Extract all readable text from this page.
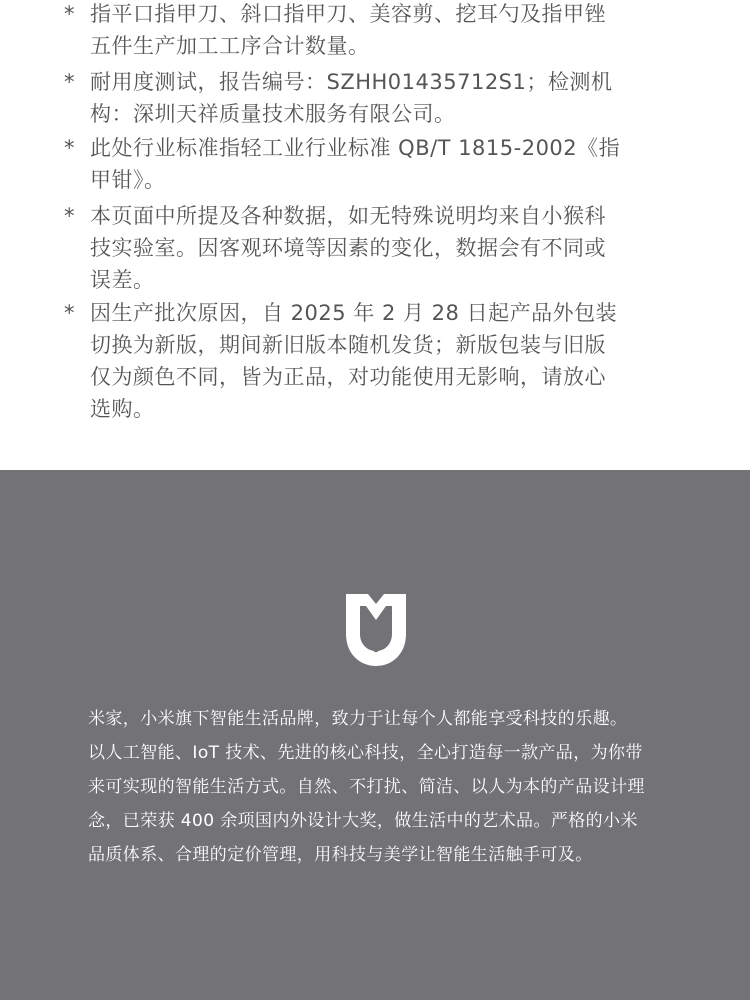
* 指平口指甲刀、斜口指甲刀、美容剪、挖耳勺及指甲锉
五件生产加工工序合计数量。
* 耐用度测试，报告编号：SZHH01435712S1；检测机
构：深圳天祥质量技术服务有限公司。
* 此处行业标准指轻工业行业标准 QB/T 1815-2002《指
甲钳》。
* 本页面中所提及各种数据，如无特殊说明均来自小猴科
技实验室。因客观环境等因素的变化，数据会有不同或
误差。
* 因生产批次原因，自 2025 年 2 月 28 日起产品外包装
切换为新版，期间新旧版本随机发货；新版包装与旧版
仅为颜色不同，皆为正品，对功能使用无影响，请放心
选购。
米家，小米旗下智能生活品牌，致力于让每个人都能享受科技的乐趣。
以人工智能、IoT 技术、先进的核心科技，全心打造每一款产品，为你带
来可实现的智能生活方式。自然、不打扰、简洁、以人为本的产品设计理
念，已荣获 400 余项国内外设计大奖，做生活中的艺术品。严格的小米
品质体系、合理的定价管理，用科技与美学让智能生活触手可及。
